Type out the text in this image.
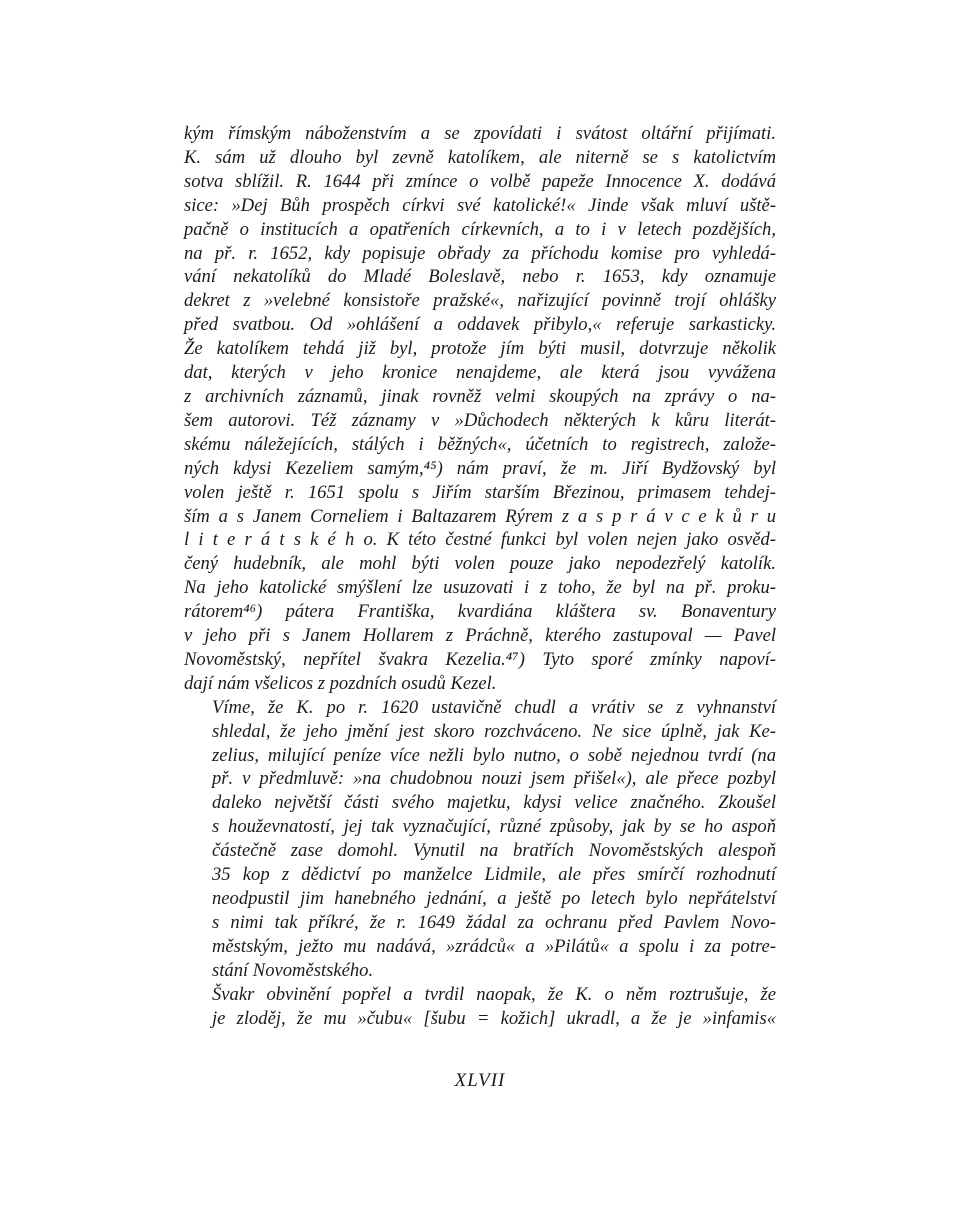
kým římským náboženstvím a se zpovídati i svátost oltářní přijímati.
K. sám už dlouho byl zevně katolíkem, ale niterně se s katolictvím
sotva sblížil. R. 1644 při zmínce o volbě papeže Innocence X. dodává
sice: »Dej Bůh prospěch církvi své katolické!« Jinde však mluví uště-
pačně o institucích a opatřeních církevních, a to i v letech pozdějších,
na př. r. 1652, kdy popisuje obřady za příchodu komise pro vyhledá-
vání nekatolíků do Mladé Boleslavě, nebo r. 1653, kdy oznamuje
dekret z »velebné konsistoře pražské«, nařizující povinně trojí ohlášky
před svatbou. Od »ohlášení a oddavek přibylo,« referuje sarkasticky.
Že katolíkem tehdá již byl, protože jím býti musil, dotvrzuje několik
dat, kterých v jeho kronice nenajdeme, ale která jsou vyvážena
z archivních záznamů, jinak rovněž velmi skoupých na zprávy o na-
šem autorovi. Též záznamy v »Důchodech některých k kůru literát-
skému náležejících, stálých i běžných«, účetních to registrech, založe-
ných kdysi Kezeliem samým,⁴⁵) nám praví, že m. Jiří Bydžovský byl
volen ještě r. 1651 spolu s Jiřím starším Březinou, primasem tehdej-
ším a s Janem Corneliem i Baltazarem Rýrem z a s p r á v c e k ů r u
l i t e r á t s k é h o. K této čestné funkci byl volen nejen jako osvěd-
čený hudebník, ale mohl býti volen pouze jako nepodezřelý katolík.
Na jeho katolické smýšlení lze usuzovati i z toho, že byl na př. proku-
rátorem⁴⁶) pátera Františka, kvardiána kláštera sv. Bonaventury
v jeho při s Janem Hollarem z Práchně, kterého zastupoval — Pavel
Novoměstský, nepřítel švakra Kezelia.⁴⁷) Tyto sporé zmínky napoví-
dají nám všelicos z pozdních osudů Kezel.

Víme, že K. po r. 1620 ustavičně chudl a vrátiv se z vyhnanství
shledal, že jeho jmění jest skoro rozchváceno. Ne sice úplně, jak Ke-
zelius, milující peníze více nežli bylo nutno, o sobě nejednou tvrdí (na
př. v předmluvě: »na chudobnou nouzi jsem přišel«), ale přece pozbyl
daleko největší části svého majetku, kdysi velice značného. Zkoušel
s houževnatostí, jej tak vyznačující, různé způsoby, jak by se ho aspoň
částečně zase domohl. Vynutil na bratřích Novoměstských alespoň
35 kop z dědictví po manželce Lidmile, ale přes smírčí rozhodnutí
neodpustil jim hanebného jednání, a ještě po letech bylo nepřátelství
s nimi tak příkré, že r. 1649 žádal za ochranu před Pavlem Novo-
městským, ježto mu nadává, »zrádců« a »Pilátů« a spolu i za potre-
stání Novoměstského.

Švakr obvinění popřel a tvrdil naopak, že K. o něm roztrušuje, že
je zloděj, že mu »čubu« [šubu = kožich] ukradl, a že je »infamis«

XLVII
